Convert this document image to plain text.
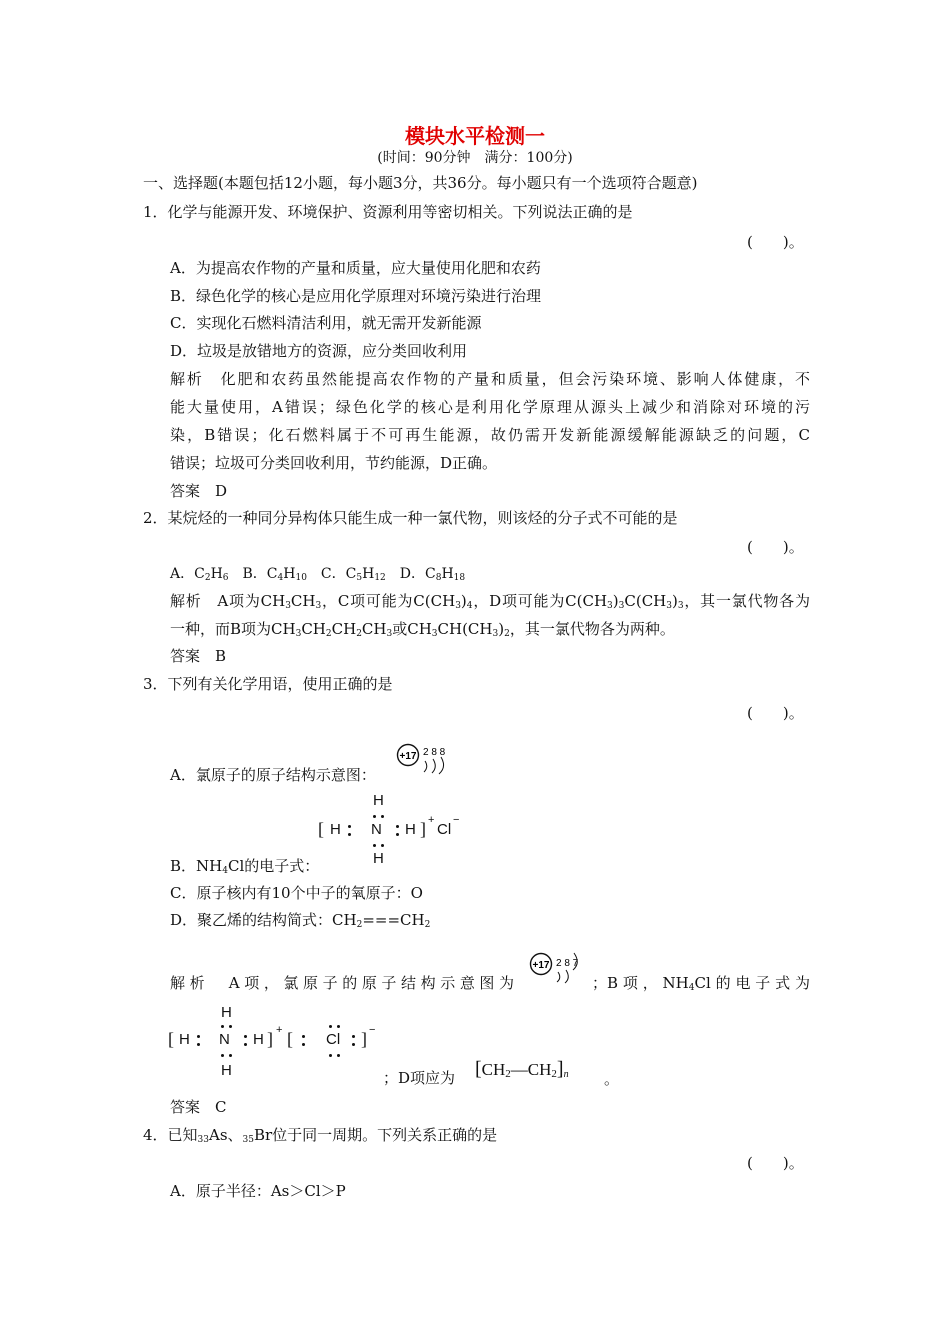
模块水平检测一
(时间：90分钟　满分：100分)
一、选择题(本题包括12小题，每小题3分，共36分。每小题只有一个选项符合题意)
1．化学与能源开发、环境保护、资源利用等密切相关。下列说法正确的是
(　　)。
A．为提高农作物的产量和质量，应大量使用化肥和农药
B．绿色化学的核心是应用化学原理对环境污染进行治理
C．实现化石燃料清洁利用，就无需开发新能源
D．垃圾是放错地方的资源，应分类回收利用
解析　化肥和农药虽然能提高农作物的产量和质量，但会污染环境、影响人体健康，不
能大量使用，A错误；绿色化学的核心是利用化学原理从源头上减少和消除对环境的污
染，B错误；化石燃料属于不可再生能源，故仍需开发新能源缓解能源缺乏的问题，C
错误；垃圾可分类回收利用，节约能源，D正确。
答案　D
2．某烷烃的一种同分异构体只能生成一种一氯代物，则该烃的分子式不可能的是
(　　)。
A．$C_2H_6$　 B．$C_4H_{10}$　 C．$C_5H_{12}$　 D．$C_8H_{18}$
解析　A项为$CH_3CH_3$，C项可能为$C(CH_3)_4$，D项可能为$C(CH_3)_3C(CH_3)_3$，其一氯代物各为
一种，而B项为$CH_3CH_2CH_2CH_3$或$CH_3CH(CH_3)_2$，其一氯代物各为两种。
答案　B
3．下列有关化学用语，使用正确的是
(　　)。
+17 2 8 8
A．氯原子的原子结构示意图：
H
[ H N H ] +
Cl
−
H
B．$NH_4Cl$的电子式：
C．原子核内有10个中子的氧原子：O
D．聚乙烯的结构简式：$CH_2===CH_2$
解析　A项，氯原子的原子结构示意图为
+17 2 8 7
；B项，$NH_4Cl$的电子式为
H
[ H N H ] + [ Cl ] −
H	；D项应为 $[CH_2—CH_2]_n$ 。
答案　C
4．已知$_{33}$As、$_{35}$Br位于同一周期。下列关系正确的是
(　　)。
A．原子半径：As＞Cl＞P
